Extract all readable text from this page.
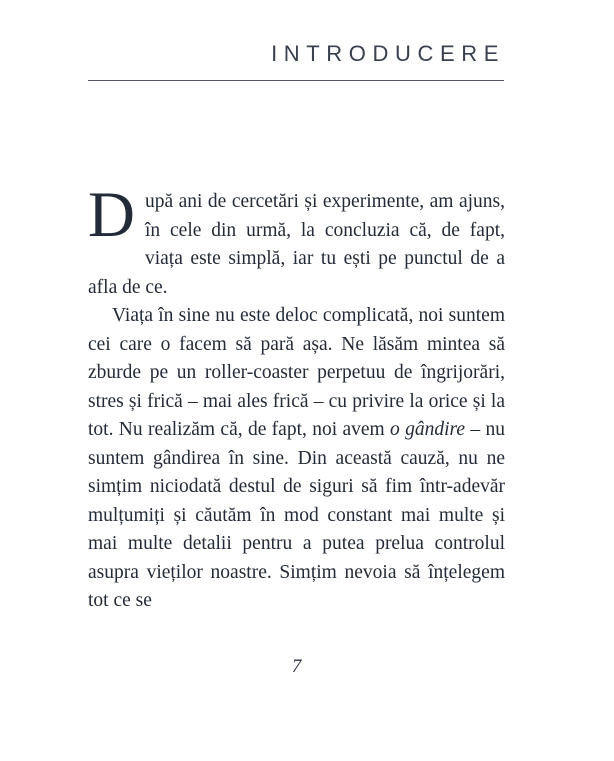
INTRODUCERE

După ani de cercetări și experimente, am ajuns, în cele din urmă, la concluzia că, de fapt, viața este simplă, iar tu ești pe punctul de a afla de ce.

Viața în sine nu este deloc complicată, noi suntem cei care o facem să pară așa. Ne lăsăm mintea să zburde pe un roller-coaster perpetuu de îngrijorări, stres și frică – mai ales frică – cu privire la orice și la tot. Nu realizăm că, de fapt, noi avem o gândire – nu suntem gândirea în sine. Din această cauză, nu ne simțim niciodată destul de siguri să fim într-adevăr mulțumiți și căutăm în mod constant mai multe și mai multe detalii pentru a putea prelua controlul asupra vieților noastre. Simțim nevoia să înțelegem tot ce se

7
